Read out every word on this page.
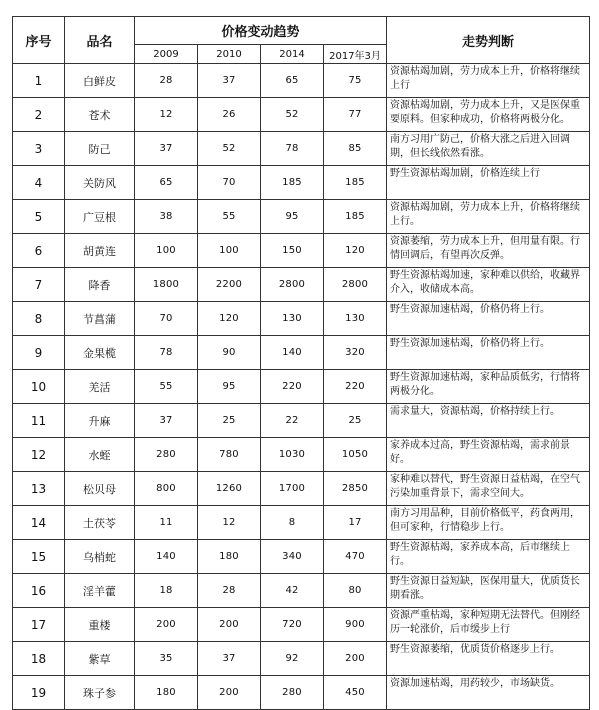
序号	品名	价格变动趋势				走势判断
		2009	2010	2014	2017年3月	
1	白鲜皮	28	37	65	75	资源枯竭加剧，劳力成本上升，价格将继续上行
2	苍术	12	26	52	77	资源枯竭加剧，劳力成本上升，又是医保重要原料。但家种成功，价格将两极分化。
3	防己	37	52	78	85	南方习用广防己，价格大涨之后进入回调期，但长线依然看涨。
4	关防风	65	70	185	185	野生资源枯竭加剧，价格连续上行
5	广豆根	38	55	95	185	资源枯竭加剧，劳力成本上升，价格将继续上行。
6	胡黄连	100	100	150	120	资源萎缩，劳力成本上升，但用量有限。行情回调后，有望再次反弹。
7	降香	1800	2200	2800	2800	野生资源枯竭加速，家种难以供给，收藏界介入，收储成本高。
8	节菖蒲	70	120	130	130	野生资源加速枯竭，价格仍将上行。
9	金果榄	78	90	140	320	野生资源加速枯竭，价格仍将上行。
10	羌活	55	95	220	220	野生资源加速枯竭，家种品质低劣，行情将两极分化。
11	升麻	37	25	22	25	需求量大，资源枯竭，价格持续上行。
12	水蛭	280	780	1030	1050	家养成本过高，野生资源枯竭，需求前景好。
13	松贝母	800	1260	1700	2850	家种难以替代，野生资源日益枯竭，在空气污染加重背景下，需求空间大。
14	土茯苓	11	12	8	17	南方习用品种，目前价格低平，药食两用，但可家种，行情稳步上行。
15	乌梢蛇	140	180	340	470	野生资源枯竭，家养成本高，后市继续上行。
16	淫羊藿	18	28	42	80	野生资源日益短缺，医保用量大，优质货长期看涨。
17	重楼	200	200	720	900	资源严重枯竭，家种短期无法替代。但刚经历一轮涨价，后市缓步上行
18	紫草	35	37	92	200	野生资源萎缩，优质货价格逐步上行。
19	珠子参	180	200	280	450	资源加速枯竭，用药较少，市场缺货。
